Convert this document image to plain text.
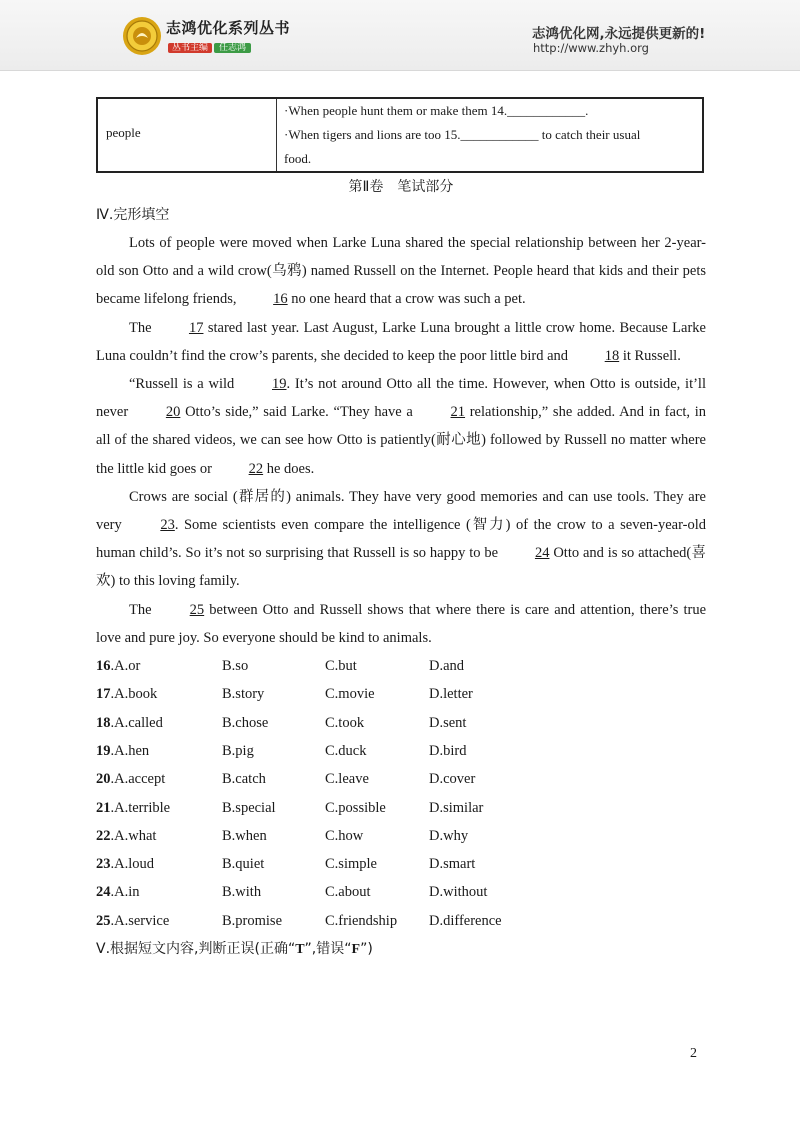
志鸿优化系列丛书
丛书主编 任志鸿
志鸿优化网,永远提供更新的!
http://www.zhyh.org
people
·When people hunt them or make them 14.____________.
·When tigers and lions are too 15.____________ to catch their usual
food.
第Ⅱ卷　笔试部分
Ⅳ.完形填空

Lots of people were moved when Larke Luna shared the special relationship between her 2-year-old son Otto and a wild crow(乌鸦) named Russell on the Internet. People heard that kids and their pets became lifelong friends, 16 no one heard that a crow was such a pet.

The 17 stared last year. Last August, Larke Luna brought a little crow home. Because Larke Luna couldn’t find the crow’s parents, she decided to keep the poor little bird and 18 it Russell.

“Russell is a wild 19. It’s not around Otto all the time. However, when Otto is outside, it’ll never 20 Otto’s side,” said Larke. “They have a 21 relationship,” she added. And in fact, in all of the shared videos, we can see how Otto is patiently(耐心地) followed by Russell no matter where the little kid goes or 22 he does.

Crows are social (群居的) animals. They have very good memories and can use tools. They are very 23. Some scientists even compare the intelligence (智力) of the crow to a seven-year-old human child’s. So it’s not so surprising that Russell is so happy to be 24 Otto and is so attached(喜欢) to this loving family.

The 25 between Otto and Russell shows that where there is care and attention, there’s true love and pure joy. So everyone should be kind to animals.

16.A.or	B.so	C.but	D.and
17.A.book	B.story	C.movie	D.letter
18.A.called	B.chose	C.took	D.sent
19.A.hen	B.pig	C.duck	D.bird
20.A.accept	B.catch	C.leave	D.cover
21.A.terrible	B.special	C.possible	D.similar
22.A.what	B.when	C.how	D.why
23.A.loud	B.quiet	C.simple	D.smart
24.A.in	B.with	C.about	D.without
25.A.service	B.promise	C.friendship D.difference
Ⅴ.根据短文内容,判断正误(正确“T”,错误“F”)
2
